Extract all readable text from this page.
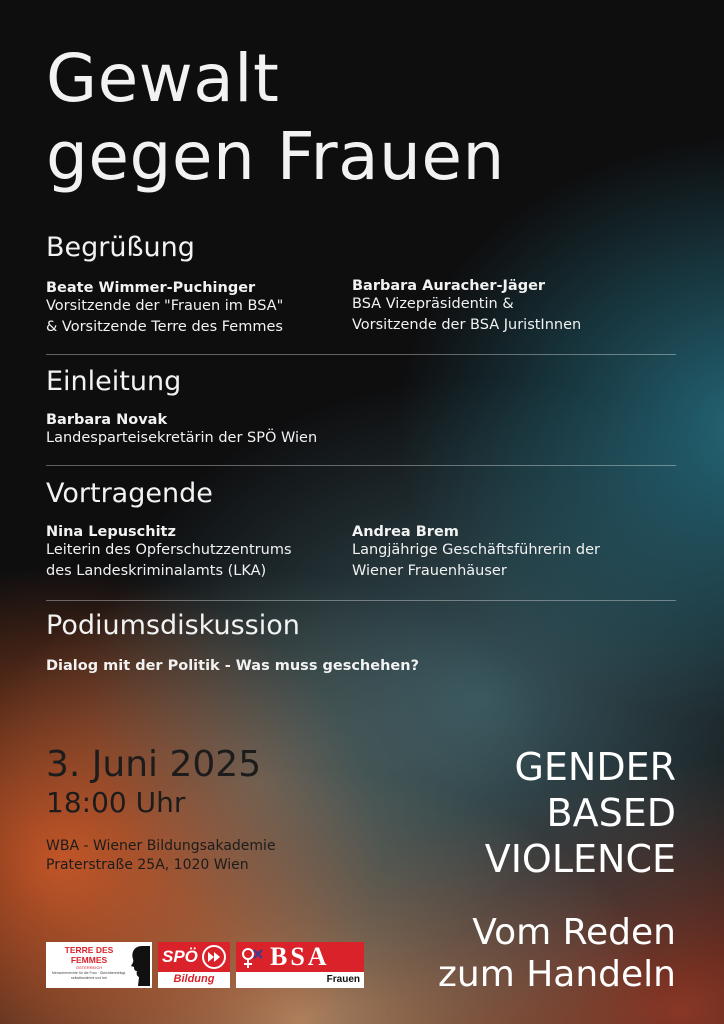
Gewalt
gegen Frauen
Begrüßung
Beate Wimmer-Puchinger
Vorsitzende der "Frauen im BSA"
& Vorsitzende Terre des Femmes
Barbara Auracher-Jäger
BSA Vizepräsidentin &
Vorsitzende der BSA JuristInnen
Einleitung
Barbara Novak
Landesparteisekretärin der SPÖ Wien
Vortragende
Nina Lepuschitz
Leiterin des Opferschutzzentrums
des Landeskriminalamts (LKA)
Andrea Brem
Langjährige Geschäftsführerin der
Wiener Frauenhäuser
Podiumsdiskussion
Dialog mit der Politik - Was muss geschehen?
3. Juni 2025
18:00 Uhr
WBA - Wiener Bildungsakademie
Praterstraße 25A, 1020 Wien
GENDER
BASED
VIOLENCE
Vom Reden
zum Handeln
TERRE DES
FEMMES
ÖSTERREICH
Menschenrechte für die Frau · Gleichberechtigt, selbstbestimmt und frei
SPÖ
Bildung
BSA
Frauen
